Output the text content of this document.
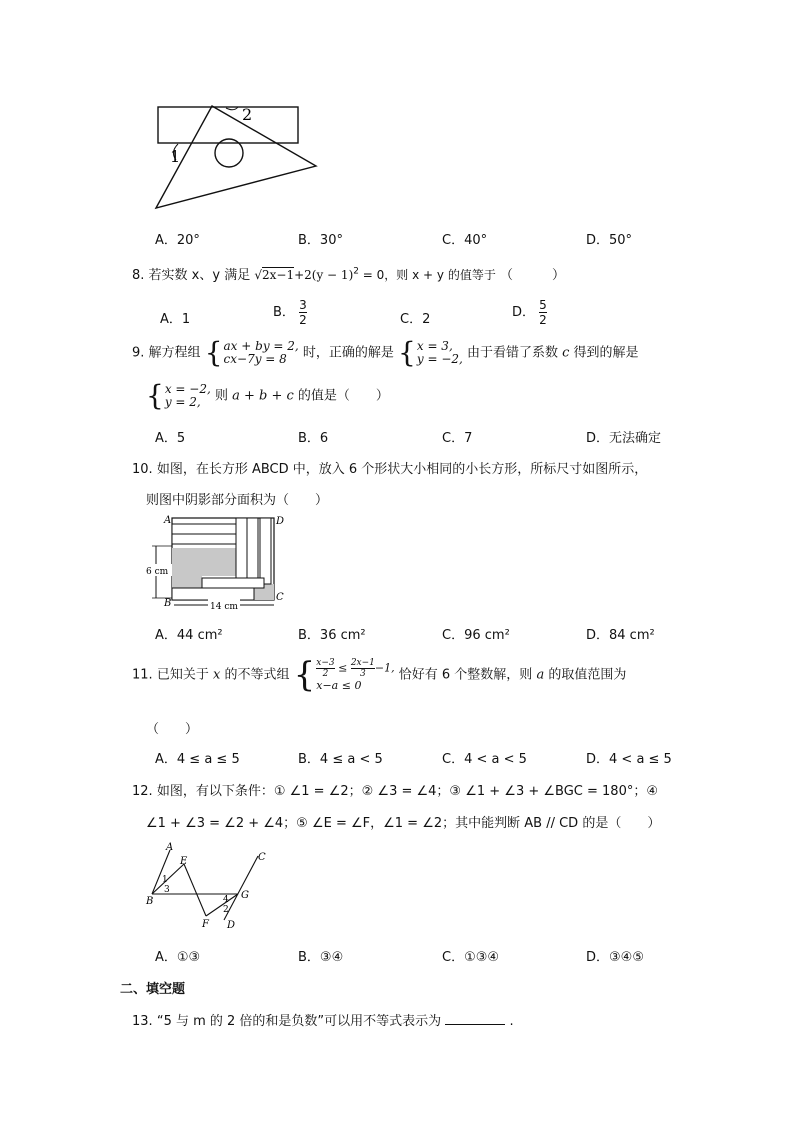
2
1
A．20°	B．30°	C．40°	D．50°
8. 若实数 x、y 满足 $√2x-1+2(y - 1)^2 = 0$，则 x + y 的值等于 （　　　）
A．1	B． $\frac{3}{2}$	C．2	D． $\frac{5}{2}$
9. 解方程组 { ax + by = 2,
cx−7y = 8	时，正确的解是 { x = 3,
y = −2, 由于看错了系数 c 得到的解是
{ x = −2,
y = 2,	则 a + b + c 的值是（　　）
A．5	B．6	C．7	D．无法确定
10. 如图，在长方形 ABCD 中，放入 6 个形状大小相同的小长方形，所标尺寸如图所示，
则图中阴影部分面积为（　　）
6 cm
14 cm
A
B
C
D
A．44 cm²	B．36 cm²	C．96 cm²	D．84 cm²
11. 已知关于 x 的不等式组 { $\frac{x-3}{2} \le \frac{2x-1}{3} -1$,
x−a ≤ 0
恰好有 6 个整数解，则 a 的取值范围为
（　　）
A．4 ≤ a ≤ 5	B．4 ≤ a < 5	C．4 < a < 5	D．4 < a ≤ 5
12. 如图，有以下条件：① ∠1 = ∠2；② ∠3 = ∠4；③ ∠1 + ∠3 + ∠BGC = 180°；④
∠1 + ∠3 = ∠2 + ∠4；⑤ ∠E = ∠F，∠1 = ∠2；其中能判断 AB // CD 的是（　　）
A
B
C
D
E
F
G
1
3
4
2
A．①③	B．③④	C．①③④	D．③④⑤
二、填空题
13. “5 与 m 的 2 倍的和是负数”可以用不等式表示为	.
